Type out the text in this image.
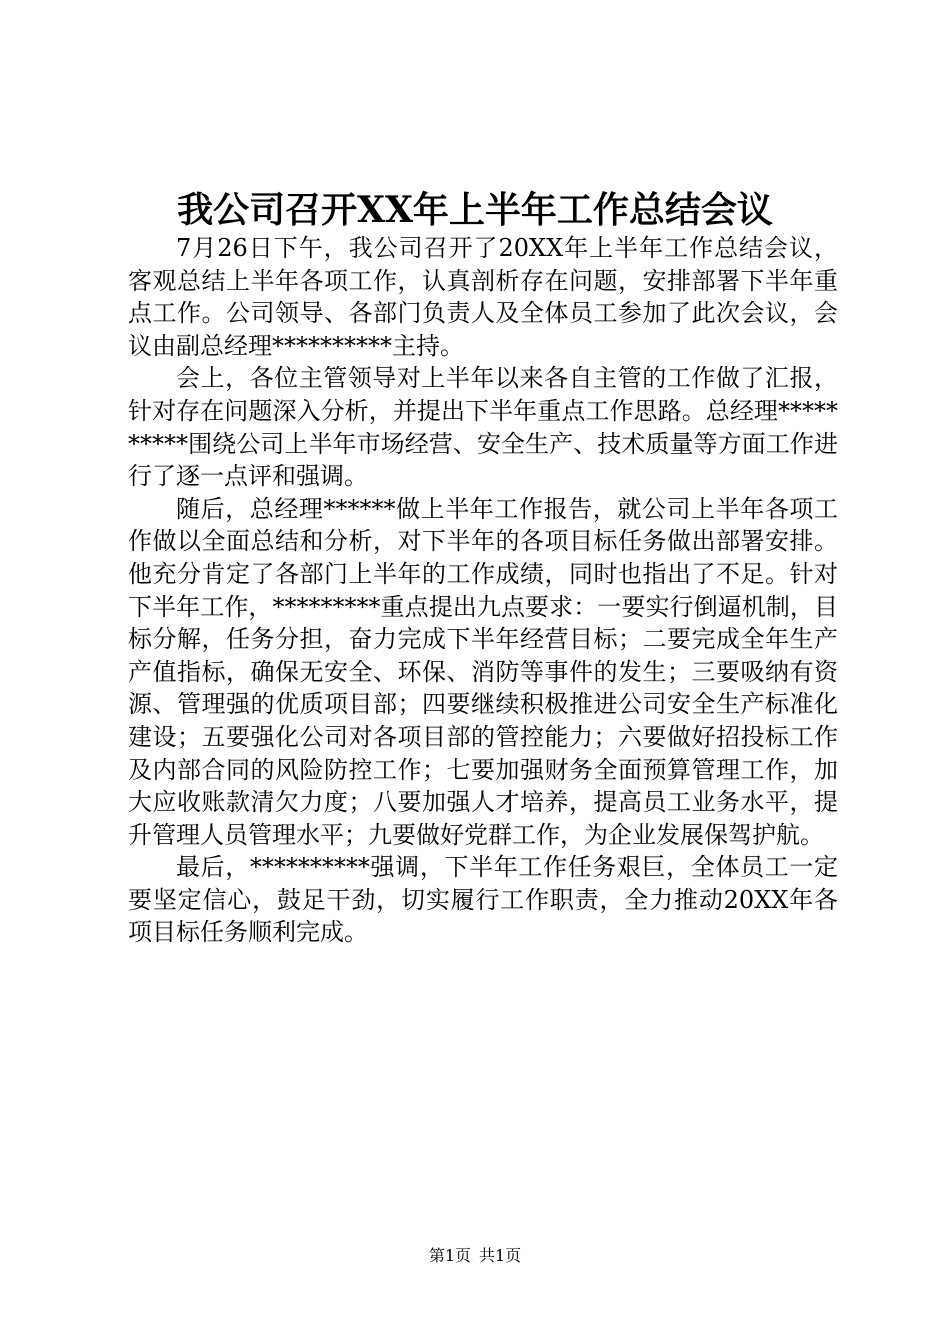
我公司召开XX年上半年工作总结会议

7月26日下午，我公司召开了20XX年上半年工作总结会议，客观总结上半年各项工作，认真剖析存在问题，安排部署下半年重点工作。公司领导、各部门负责人及全体员工参加了此次会议，会议由副总经理**********主持。

会上，各位主管领导对上半年以来各自主管的工作做了汇报，针对存在问题深入分析，并提出下半年重点工作思路。总经理**********围绕公司上半年市场经营、安全生产、技术质量等方面工作进行了逐一点评和强调。

随后，总经理******做上半年工作报告，就公司上半年各项工作做以全面总结和分析，对下半年的各项目标任务做出部署安排。他充分肯定了各部门上半年的工作成绩，同时也指出了不足。针对下半年工作，*********重点提出九点要求：一要实行倒逼机制，目标分解，任务分担，奋力完成下半年经营目标；二要完成全年生产产值指标，确保无安全、环保、消防等事件的发生；三要吸纳有资源、管理强的优质项目部；四要继续积极推进公司安全生产标准化建设；五要强化公司对各项目部的管控能力；六要做好招投标工作及内部合同的风险防控工作；七要加强财务全面预算管理工作，加大应收账款清欠力度；八要加强人才培养，提高员工业务水平，提升管理人员管理水平；九要做好党群工作，为企业发展保驾护航。

最后，**********强调，下半年工作任务艰巨，全体员工一定要坚定信心，鼓足干劲，切实履行工作职责，全力推动20XX年各项目标任务顺利完成。

第1页 共1页
